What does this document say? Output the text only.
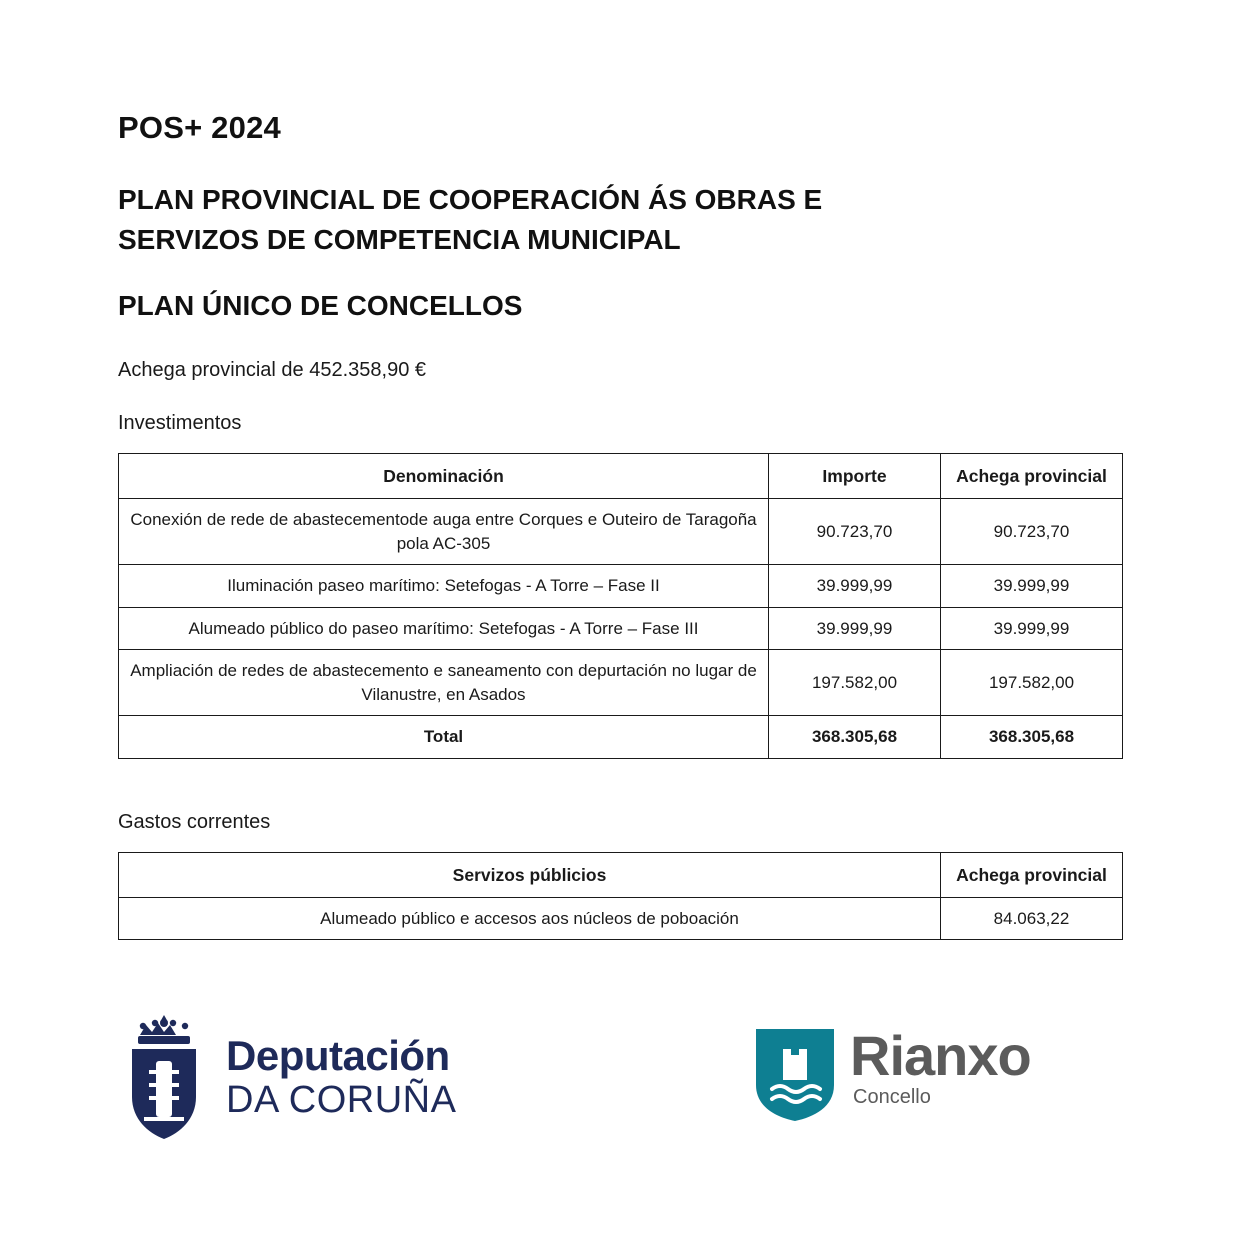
POS+ 2024
PLAN PROVINCIAL DE COOPERACIÓN ÁS OBRAS E
SERVIZOS DE COMPETENCIA MUNICIPAL
PLAN ÚNICO DE CONCELLOS

Achega provincial de 452.358,90 €

Investimentos

Denominación	Importe	Achega provincial
Conexión de rede de abastecementode auga entre Corques e Outeiro de Taragoña pola AC-305	90.723,70	90.723,70
Iluminación paseo marítimo: Setefogas - A Torre – Fase II	39.999,99	39.999,99
Alumeado público do paseo marítimo: Setefogas - A Torre – Fase III	39.999,99	39.999,99
Ampliación de redes de abastecemento e saneamento con depurtación no lugar de Vilanustre, en Asados	197.582,00	197.582,00
Total	368.305,68	368.305,68

Gastos correntes

Servizos públicios	Achega provincial
Alumeado público e accesos aos núcleos de poboación	84.063,22
Deputación
DA CORUÑA
Rianxo
Concello
